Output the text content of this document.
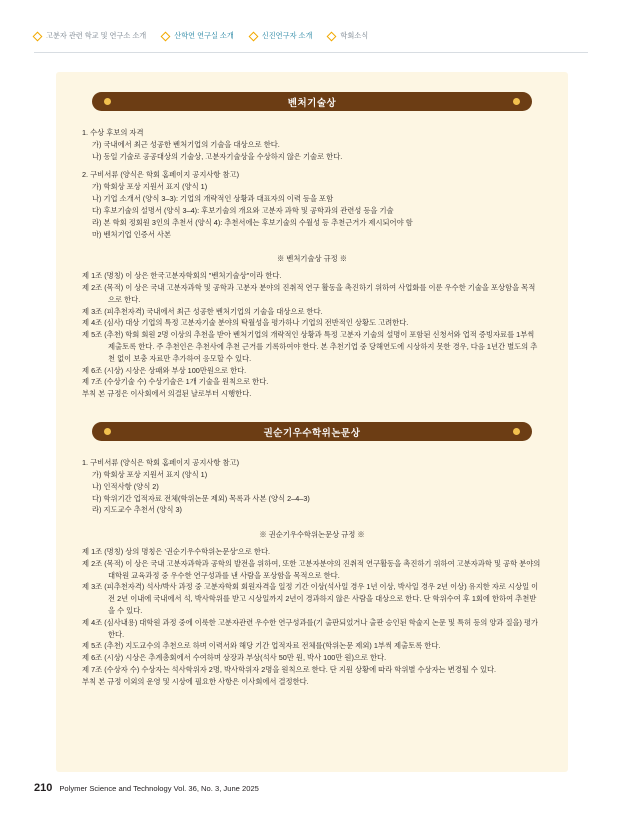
고분자 관련 학교 및 연구소 소개	산학연 연구실 소개	신진연구자 소개	학회소식
벤처기술상

1. 수상 후보의 자격

가) 국내에서 최근 성공한 벤처기업의 기술을 대상으로 한다.

나) 동일 기술로 공공대상의 기술상, 고분자기술상을 수상하지 않은 기술로 한다.

2. 구비서류 (양식은 학회 홈페이지 공지사항 참고)

가) 학회상 포상 지원서 표지 (양식 1)

나) 기업 소개서 (양식 3–3): 기업의 개략적인 상황과 대표자의 이력 등을 포함

다) 후보기술의 설명서 (양식 3–4): 후보기술의 개요와 고분자 과학 및 공학과의 관련성 등을 기술

라) 본 학회 정회원 3인의 추천서 (양식 4): 추천서에는 후보기술의 수월성 등 추천근거가 제시되어야 함

마) 벤처기업 인증서 사본

※ 벤처기술상 규정 ※

제 1조 (명칭) 이 상은 한국고분자학회의 "벤처기술상"이라 한다.

제 2조 (목적) 이 상은 국내 고분자과학 및 공학과 고분자 분야의 진취적 연구 활동을 촉진하기 위하여 사업화를 이룬 우수한 기술을 포상함을 목적으로 한다.

제 3조 (피추천자격) 국내에서 최근 성공한 벤처기업의 기술을 대상으로 한다.

제 4조 (심사) 대상 기업의 특정 고분자기술 분야의 탁월성을 평가하나 기업의 전반적인 상황도 고려한다.

제 5조 (추천) 학회 회원 2명 이상의 추천을 받아 벤처기업의 개략적인 상황과 특정 고분자 기술의 설명이 포함된 신청서와 업적 증빙자료를 1부씩 제출토록 한다. 주 추천인은 추천사에 추천 근거를 기록하여야 한다. 본 추천기업 중 당해연도에 시상하지 못한 경우, 다음 1년간 별도의 추천 없이 보충 자료만 추가하여 응모할 수 있다.

제 6조 (시상) 시상은 상패와 부상 100만원으로 한다.

제 7조 (수상기술 수) 수상기술은 1개 기술을 원칙으로 한다.

부칙 본 규정은 이사회에서 의결된 날로부터 시행한다.

권순기우수학위논문상

1. 구비서류 (양식은 학회 홈페이지 공지사항 참고)

가) 학회상 포상 지원서 표지 (양식 1)

나) 인적사항 (양식 2)

다) 학위기간 업적자료 전체(학위논문 제외) 목록과 사본 (양식 2–4–3)

라) 지도교수 추천서 (양식 3)

※ 권순기우수학위논문상 규정 ※

제 1조 (명칭) 상의 명칭은 '권순기우수학위논문상'으로 한다.

제 2조 (목적) 이 상은 국내 고분자과학과 공학의 발전을 위하여, 또한 고분자분야의 진취적 연구활동을 촉진하기 위하여 고분자과학 및 공학 분야의 대학원 교육과정 중 우수한 연구성과를 낸 사람을 포상함을 목적으로 한다.

제 3조 (피추천자격) 석사/박사 과정 중 고분자학회 회원자격을 일정 기간 이상(석사일 경우 1년 이상, 박사일 경우 2년 이상) 유지한 자로 시상일 이전 2년 이내에 국내에서 석, 박사학위를 받고 시상일까지 2년이 경과하지 않은 사람을 대상으로 한다. 단 학위수여 후 1회에 한하여 추천받을 수 있다.

제 4조 (심사내용) 대학원 과정 중에 이룩한 고분자관련 우수한 연구성과를(기 출판되었거나 출판 승인된 학술지 논문 및 특허 등의 양과 질을) 평가한다.

제 5조 (추천) 지도교수의 추천으로 하며 이력서와 해당 기간 업적자료 전체를(학위논문 제외) 1부씩 제출토록 한다.

제 6조 (시상) 시상은 추계총회에서 수여하며 상장과 부상(석사 50만 원, 박사 100만 원)으로 한다.

제 7조 (수상자 수) 수상자는 석사학위자 2명, 박사학위자 2명을 원칙으로 한다. 단 지원 상황에 따라 학위별 수상자는 변경될 수 있다.

부칙 본 규정 이외의 운영 및 시상에 필요한 사항은 이사회에서 결정한다.

210 Polymer Science and Technology Vol. 36, No. 3, June 2025
